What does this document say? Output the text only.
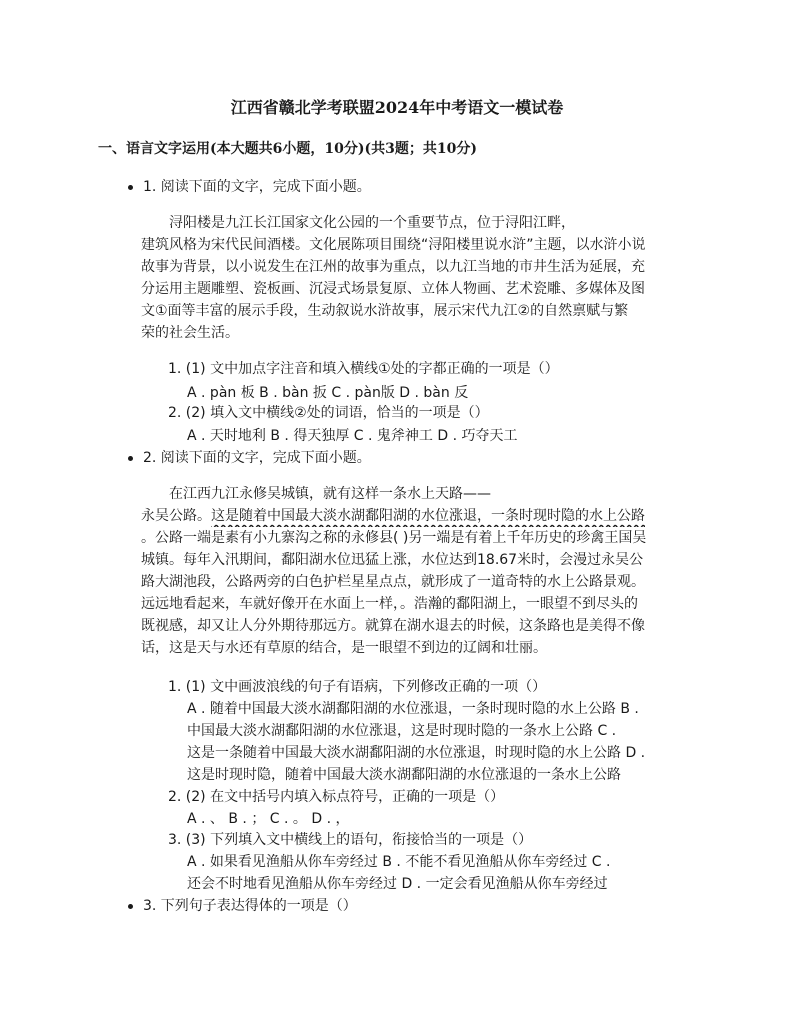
江西省赣北学考联盟2024年中考语文一模试卷
一、语言文字运用(本大题共6小题，10分)(共3题；共10分)
1. 阅读下面的文字，完成下面小题。
　　浔阳楼是九江长江国家文化公园的一个重要节点，位于浔阳江畔，
建筑风格为宋代民间酒楼。文化展陈项目围绕“浔阳楼里说水浒”主题，以水浒小说
故事为背景，以小说发生在江州的故事为重点，以九江当地的市井生活为延展，充
分运用主题雕塑、瓷板画、沉浸式场景复原、立体人物画、艺术瓷雕、多媒体及图
文①面等丰富的展示手段，生动叙说水浒故事，展示宋代九江②的自然禀赋与繁
荣的社会生活。
1. (1) 文中加点字注音和填入横线①处的字都正确的一项是（）
A . pàn 板 B . bàn 扳 C . pàn版 D . bàn 反
2. (2) 填入文中横线②处的词语，恰当的一项是（）
A . 天时地利 B . 得天独厚 C . 鬼斧神工 D . 巧夺天工
2. 阅读下面的文字，完成下面小题。
　　在江西九江永修吴城镇，就有这样一条水上天路——
永吴公路。这是随着中国最大淡水湖鄱阳湖的水位涨退，一条时现时隐的水上公路
。公路一端是素有小九寨沟之称的永修县( )另一端是有着上千年历史的珍禽王国吴
城镇。每年入汛期间，鄱阳湖水位迅猛上涨，水位达到18.67米时，会漫过永吴公
路大湖池段，公路两旁的白色护栏星星点点，就形成了一道奇特的水上公路景观。
远远地看起来，车就好像开在水面上一样，。浩瀚的鄱阳湖上，一眼望不到尽头的
既视感，却又让人分外期待那远方。就算在湖水退去的时候，这条路也是美得不像
话，这是天与水还有草原的结合，是一眼望不到边的辽阔和壮丽。
1. (1) 文中画波浪线的句子有语病，下列修改正确的一项（）
A . 随着中国最大淡水湖鄱阳湖的水位涨退，一条时现时隐的水上公路 B .
中国最大淡水湖鄱阳湖的水位涨退，这是时现时隐的一条水上公路 C .
这是一条随着中国最大淡水湖鄱阳湖的水位涨退，时现时隐的水上公路 D .
这是时现时隐，随着中国最大淡水湖鄱阳湖的水位涨退的一条水上公路
2. (2) 在文中括号内填入标点符号，正确的一项是（）
A . 、 B . ； C . 。 D . ，
3. (3) 下列填入文中横线上的语句，衔接恰当的一项是（）
A . 如果看见渔船从你车旁经过 B . 不能不看见渔船从你车旁经过 C .
还会不时地看见渔船从你车旁经过 D . 一定会看见渔船从你车旁经过
3. 下列句子表达得体的一项是（）
